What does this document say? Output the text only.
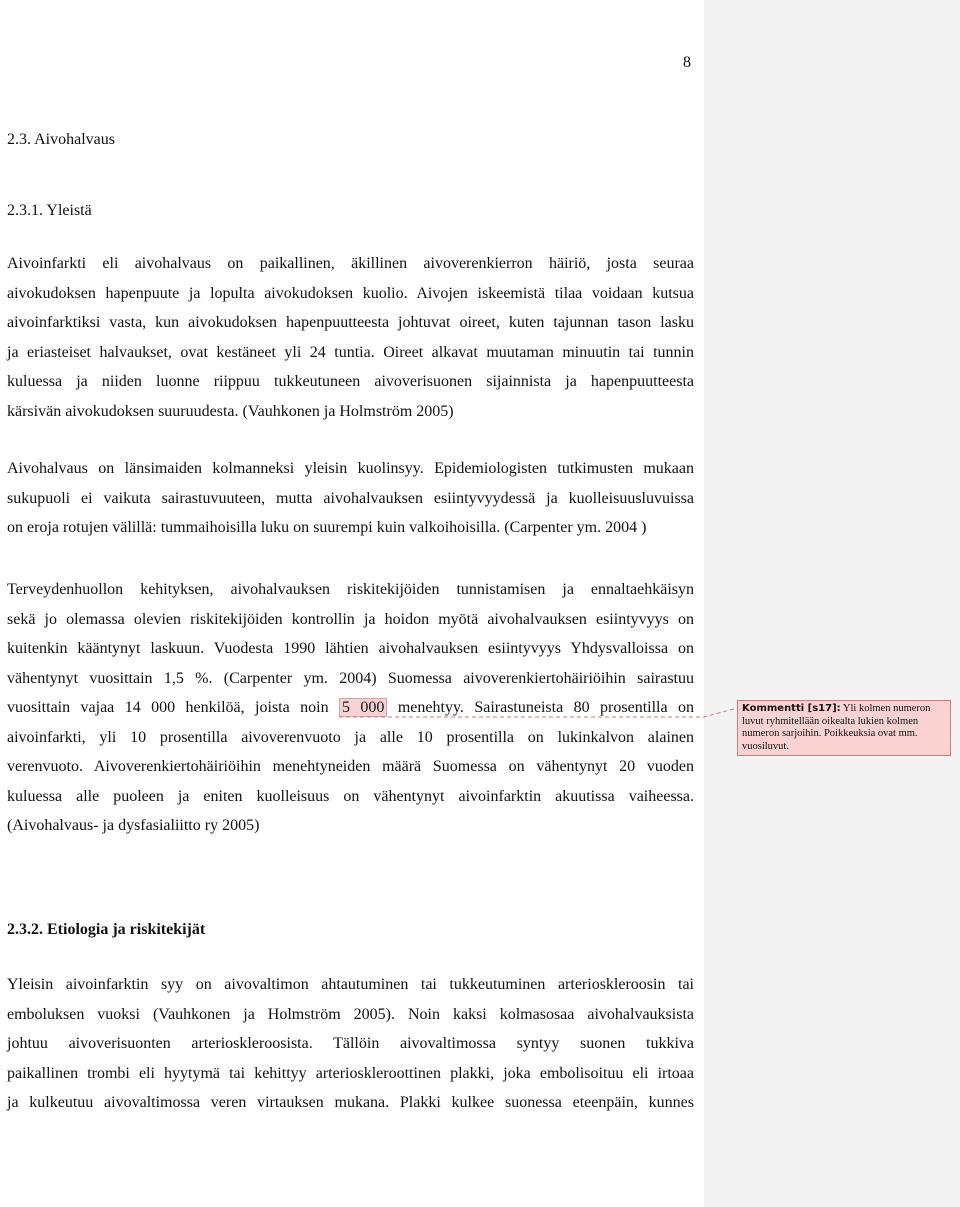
8
2.3. Aivohalvaus
2.3.1. Yleistä

Aivoinfarkti eli aivohalvaus on paikallinen, äkillinen aivoverenkierron häiriö, josta seuraa
aivokudoksen hapenpuute ja lopulta aivokudoksen kuolio. Aivojen iskeemistä tilaa voidaan kutsua
aivoinfarktiksi vasta, kun aivokudoksen hapenpuutteesta johtuvat oireet, kuten tajunnan tason lasku
ja eriasteiset halvaukset, ovat kestäneet yli 24 tuntia. Oireet alkavat muutaman minuutin tai tunnin
kuluessa ja niiden luonne riippuu tukkeutuneen aivoverisuonen sijainnista ja hapenpuutteesta
kärsivän aivokudoksen suuruudesta. (Vauhkonen ja Holmström 2005)

Aivohalvaus on länsimaiden kolmanneksi yleisin kuolinsyy. Epidemiologisten tutkimusten mukaan
sukupuoli ei vaikuta sairastuvuuteen, mutta aivohalvauksen esiintyvyydessä ja kuolleisuusluvuissa
on eroja rotujen välillä: tummaihoisilla luku on suurempi kuin valkoihoisilla. (Carpenter ym. 2004 )

Terveydenhuollon kehityksen, aivohalvauksen riskitekijöiden tunnistamisen ja ennaltaehkäisyn
sekä jo olemassa olevien riskitekijöiden kontrollin ja hoidon myötä aivohalvauksen esiintyvyys on
kuitenkin kääntynyt laskuun. Vuodesta 1990 lähtien aivohalvauksen esiintyvyys Yhdysvalloissa on
vähentynyt vuosittain 1,5 %. (Carpenter ym. 2004) Suomessa aivoverenkiertohäiriöihin sairastuu
vuosittain vajaa 14 000 henkilöä, joista noin 5 000 menehtyy. Sairastuneista 80 prosentilla on
aivoinfarkti, yli 10 prosentilla aivoverenvuoto ja alle 10 prosentilla on lukinkalvon alainen
verenvuoto. Aivoverenkiertohäiriöihin menehtyneiden määrä Suomessa on vähentynyt 20 vuoden
kuluessa alle puoleen ja eniten kuolleisuus on vähentynyt aivoinfarktin akuutissa vaiheessa.
(Aivohalvaus- ja dysfasialiitto ry 2005)

2.3.2. Etiologia ja riskitekijät

Yleisin aivoinfarktin syy on aivovaltimon ahtautuminen tai tukkeutuminen arterioskleroosin tai
emboluksen vuoksi (Vauhkonen ja Holmström 2005). Noin kaksi kolmasosaa aivohalvauksista
johtuu aivoverisuonten arterioskleroosista. Tällöin aivovaltimossa syntyy suonen tukkiva
paikallinen trombi eli hyytymä tai kehittyy arterioskleroottinen plakki, joka embolisoituu eli irtoaa
ja kulkeutuu aivovaltimossa veren virtauksen mukana. Plakki kulkee suonessa eteenpäin, kunnes

Kommentti [s17]: Yli kolmen numeron luvut ryhmitellään oikealta lukien kolmen numeron sarjoihin. Poikkeuksia ovat mm. vuosiluvut.
